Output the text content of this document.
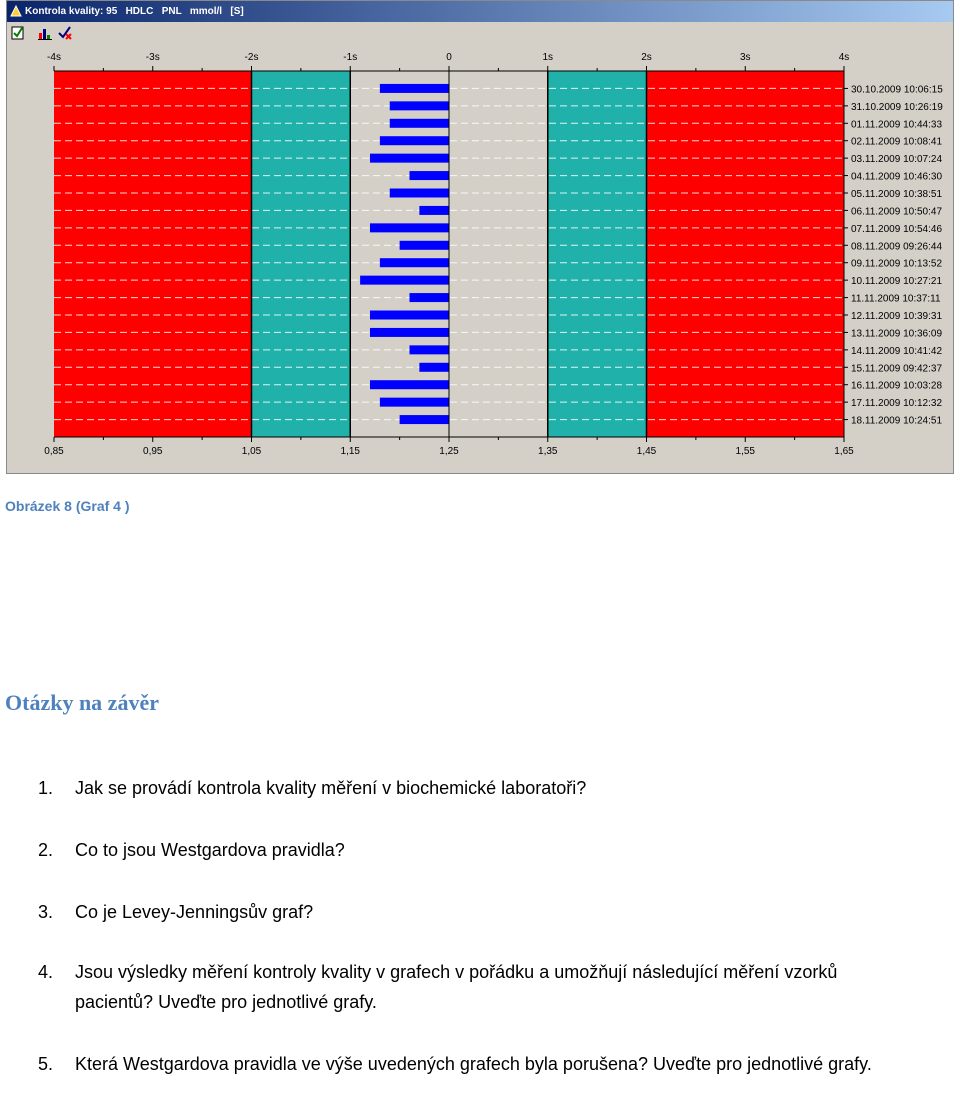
Kontrola kvality: 95   HDLC   PNL   mmol/l   [S]
-4s
0,85
-3s
0,95
-2s
1,05
-1s
1,15
0
1,25
1s
1,35
2s
1,45
3s
1,55
4s
1,65
30.10.2009 10:06:15
31.10.2009 10:26:19
01.11.2009 10:44:33
02.11.2009 10:08:41
03.11.2009 10:07:24
04.11.2009 10:46:30
05.11.2009 10:38:51
06.11.2009 10:50:47
07.11.2009 10:54:46
08.11.2009 09:26:44
09.11.2009 10:13:52
10.11.2009 10:27:21
11.11.2009 10:37:11
12.11.2009 10:39:31
13.11.2009 10:36:09
14.11.2009 10:41:42
15.11.2009 09:42:37
16.11.2009 10:03:28
17.11.2009 10:12:32
18.11.2009 10:24:51
Obrázek 8 (Graf 4 )
Otázky na závěr
1. Jak se provádí kontrola kvality měření v biochemické laboratoři?
2. Co to jsou Westgardova pravidla?
3. Co je Levey-Jenningsův graf?
4. Jsou výsledky měření kontroly kvality v grafech v pořádku a umožňují následující měření vzorků pacientů? Uveďte pro jednotlivé grafy.
5. Která Westgardova pravidla ve výše uvedených grafech byla porušena? Uveďte pro jednotlivé grafy.
